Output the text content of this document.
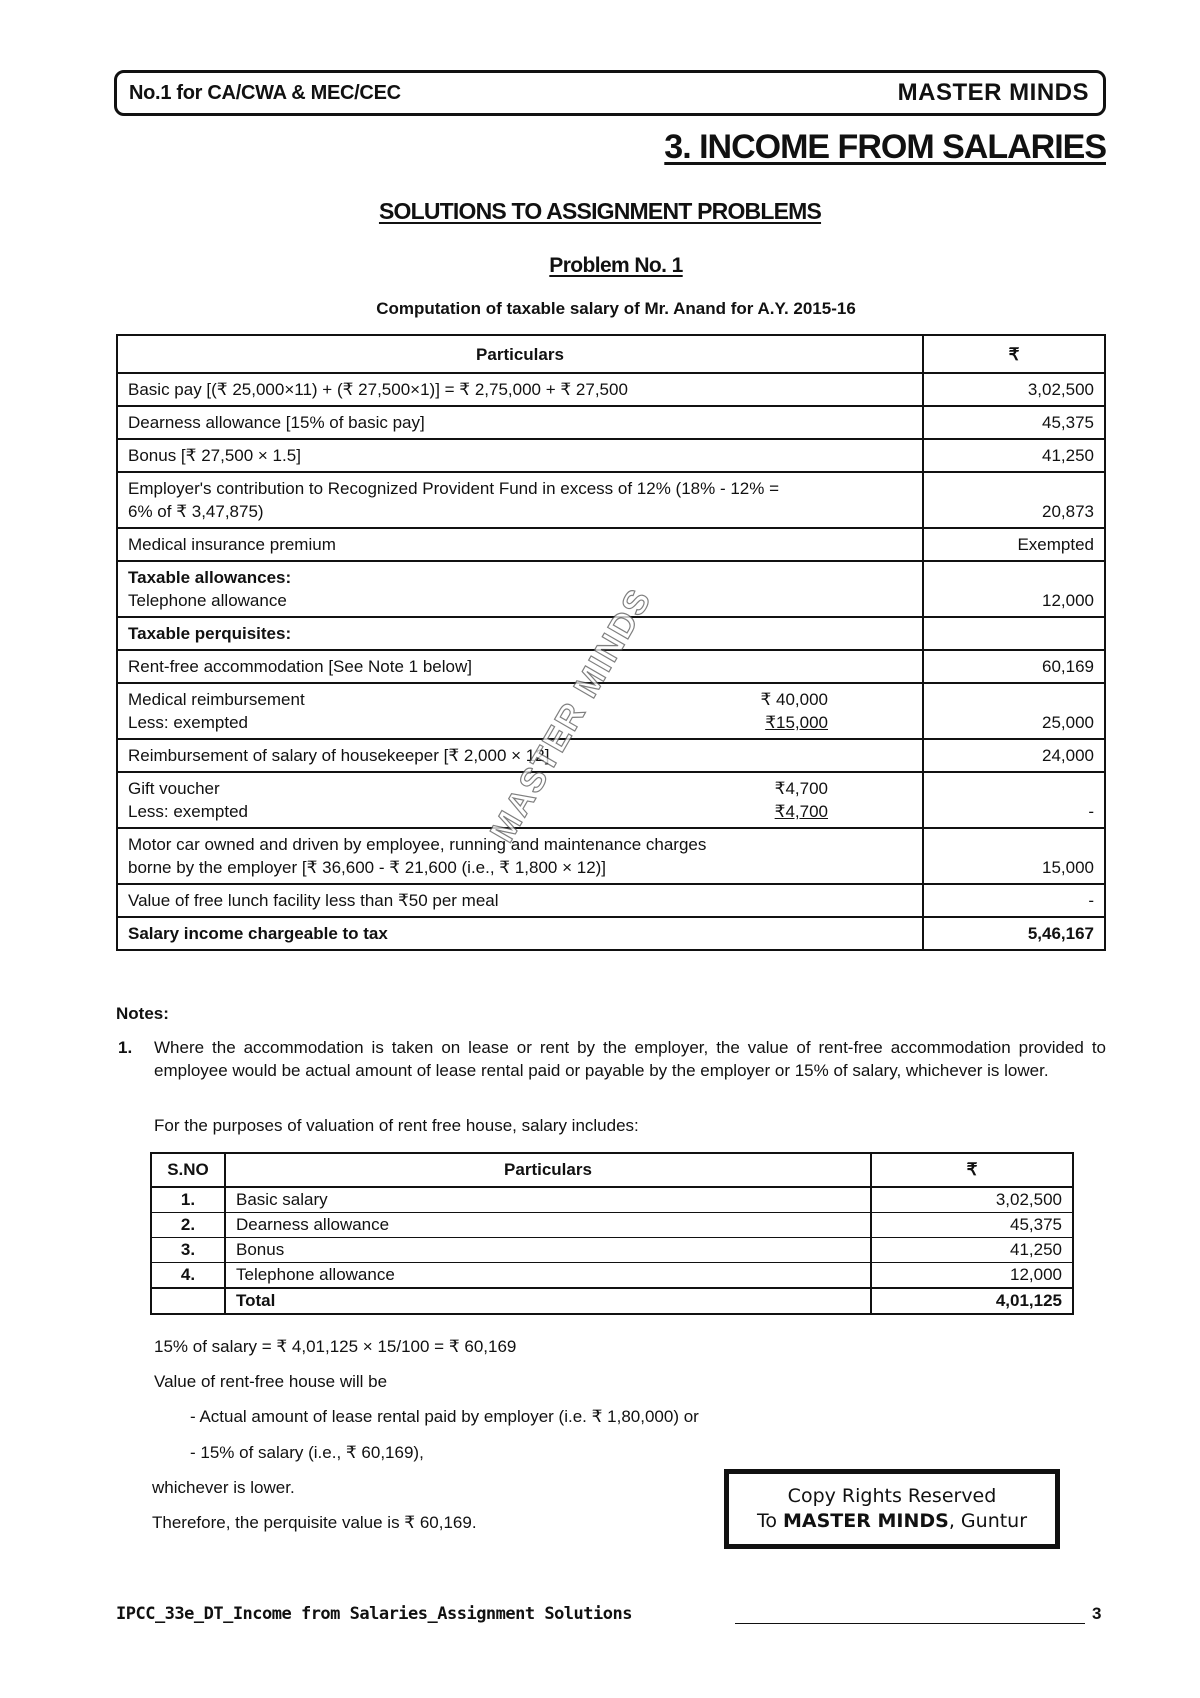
No.1 for CA/CWA & MEC/CEC	MASTER MINDS
3. INCOME FROM SALARIES
SOLUTIONS TO ASSIGNMENT PROBLEMS
Problem No. 1
Computation of taxable salary of Mr. Anand for A.Y. 2015-16
Particulars	₹
Basic pay [(₹ 25,000×11) + (₹ 27,500×1)] = ₹ 2,75,000 + ₹ 27,500	3,02,500
Dearness allowance [15% of basic pay]	45,375
Bonus [₹ 27,500 × 1.5]	41,250

Employer's contribution to Recognized Provident Fund in excess of 12% (18% - 12% =
6% of ₹ 3,47,875)	20,873
Medical insurance premium	Exempted

Taxable allowances:
Telephone allowance	12,000
Taxable perquisites:	
Rent-free accommodation [See Note 1 below]	60,169

Medical reimbursement ₹ 40,000
Less: exempted ₹15,000	25,000
Reimbursement of salary of housekeeper [₹ 2,000 × 12]	24,000

Gift voucher ₹4,700
Less: exempted ₹4,700	-

Motor car owned and driven by employee, running and maintenance charges
borne by the employer [₹ 36,600 - ₹ 21,600 (i.e., ₹ 1,800 × 12)]	15,000
Value of free lunch facility less than ₹50 per meal	-
Salary income chargeable to tax	5,46,167
MASTER MINDS
Notes:
1. Where the accommodation is taken on lease or rent by the employer, the value of rent-free accommodation provided to employee would be actual amount of lease rental paid or payable by the employer or 15% of salary, whichever is lower.
For the purposes of valuation of rent free house, salary includes:
S.NO	Particulars	₹
1.	Basic salary	3,02,500
2.	Dearness allowance	45,375
3.	Bonus	41,250
4.	Telephone allowance	12,000
	Total	4,01,125
15% of salary = ₹ 4,01,125 × 15/100 = ₹ 60,169
Value of rent-free house will be
- Actual amount of lease rental paid by employer (i.e. ₹ 1,80,000) or
- 15% of salary (i.e., ₹ 60,169),
whichever is lower.
Therefore, the perquisite value is ₹ 60,169.
Copy Rights Reserved
To MASTER MINDS, Guntur
IPCC_33e_DT_Income from Salaries_Assignment Solutions	3
